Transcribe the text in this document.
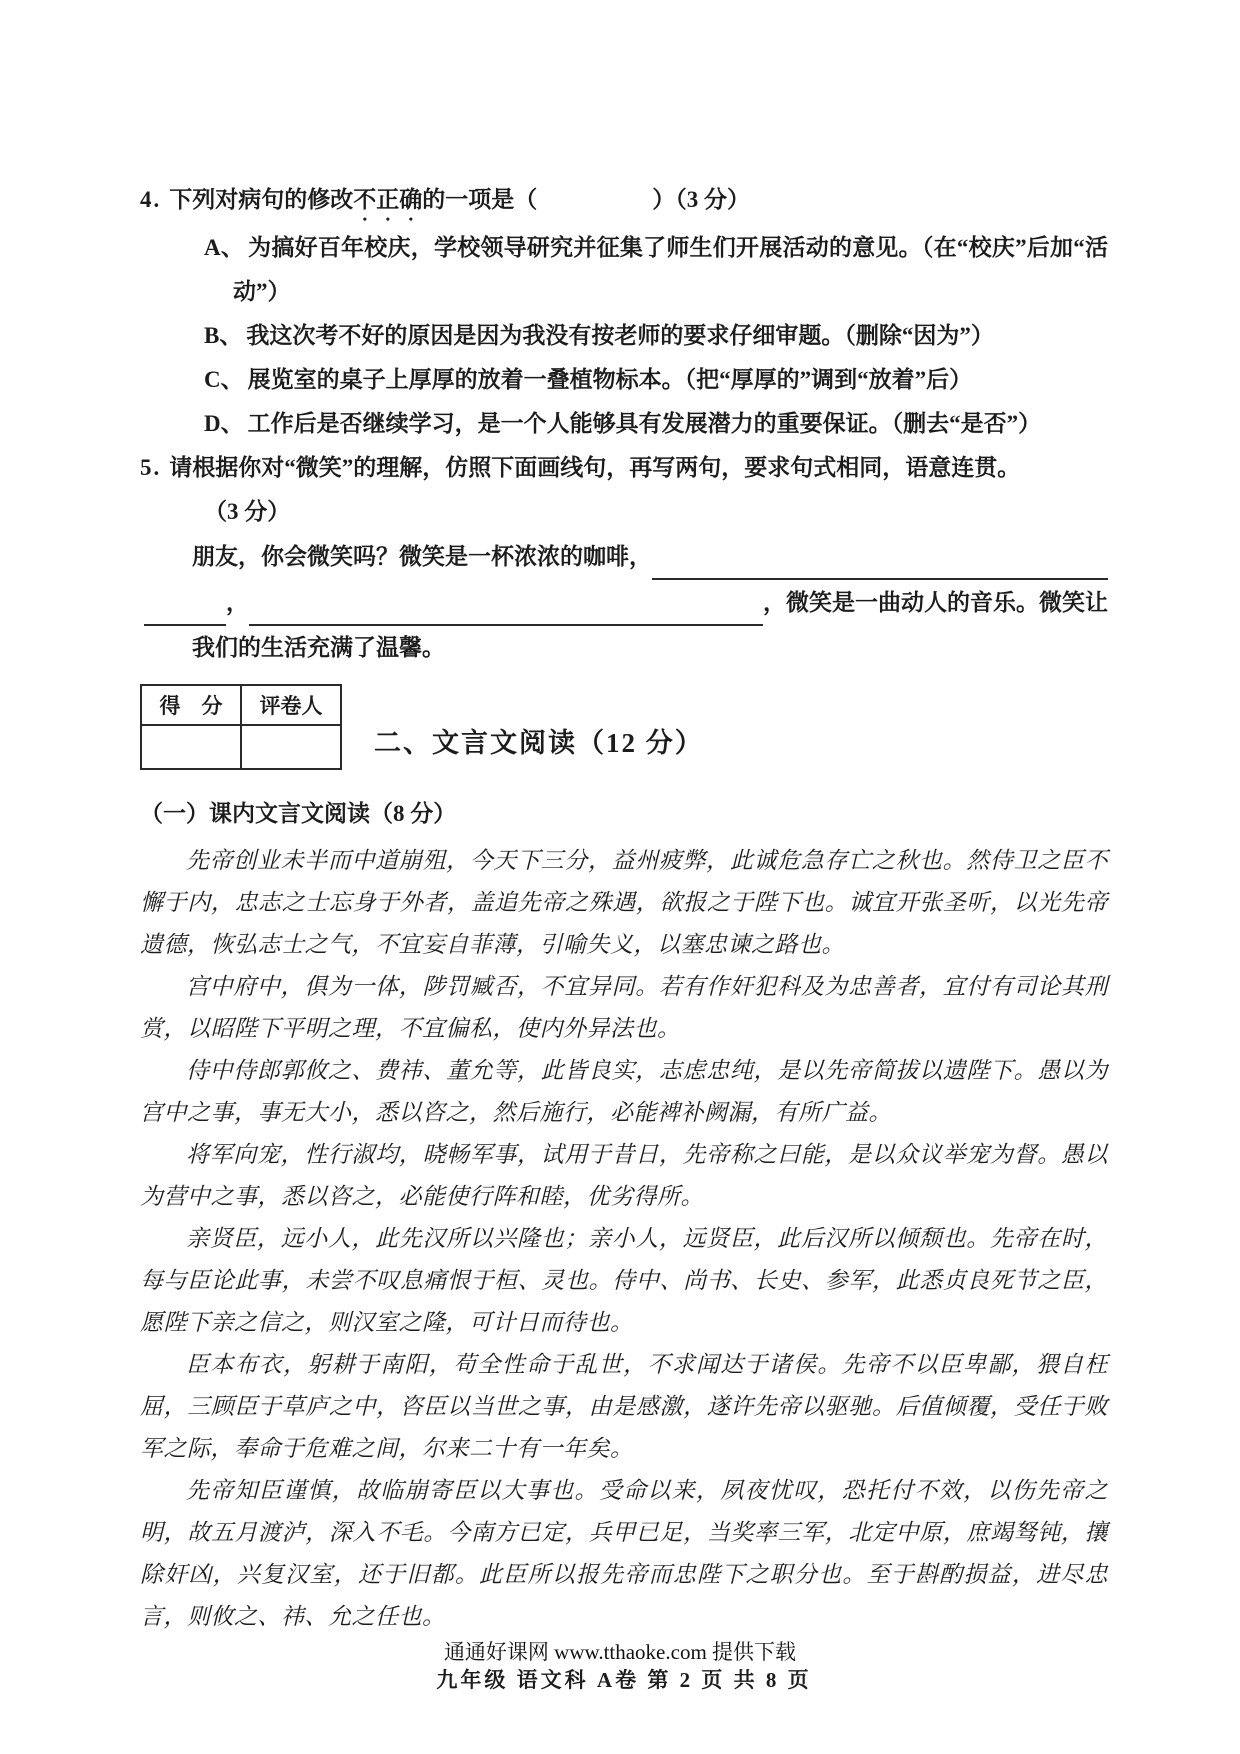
4. 下列对病句的修改不正确的一项是（　　　　　）（3 分）
A、 为搞好百年校庆，学校领导研究并征集了师生们开展活动的意见。（在“校庆”后加“活动”）
B、 我这次考不好的原因是因为我没有按老师的要求仔细审题。（删除“因为”）
C、 展览室的桌子上厚厚的放着一叠植物标本。（把“厚厚的”调到“放着”后）
D、 工作后是否继续学习，是一个人能够具有发展潜力的重要保证。（删去“是否”）
5. 请根据你对“微笑”的理解，仿照下面画线句，再写两句，要求句式相同，语意连贯。
（3 分）
朋友，你会微笑吗？微笑是一杯浓浓的咖啡，
，	，微笑是一曲动人的音乐。微笑让
我们的生活充满了温馨。
得　分	评卷人

二、文言文阅读（12 分）
（一）课内文言文阅读（8 分）

先帝创业未半而中道崩殂，今天下三分，益州疲弊，此诚危急存亡之秋也。然侍卫之臣不懈于内，忠志之士忘身于外者，盖追先帝之殊遇，欲报之于陛下也。诚宜开张圣听，以光先帝遗德，恢弘志士之气，不宜妄自菲薄，引喻失义，以塞忠谏之路也。

宫中府中，俱为一体，陟罚臧否，不宜异同。若有作奸犯科及为忠善者，宜付有司论其刑赏，以昭陛下平明之理，不宜偏私，使内外异法也。

侍中侍郎郭攸之、费祎、董允等，此皆良实，志虑忠纯，是以先帝简拔以遗陛下。愚以为宫中之事，事无大小，悉以咨之，然后施行，必能裨补阙漏，有所广益。

将军向宠，性行淑均，晓畅军事，试用于昔日，先帝称之曰能，是以众议举宠为督。愚以为营中之事，悉以咨之，必能使行阵和睦，优劣得所。

亲贤臣，远小人，此先汉所以兴隆也；亲小人，远贤臣，此后汉所以倾颓也。先帝在时，每与臣论此事，未尝不叹息痛恨于桓、灵也。侍中、尚书、长史、参军，此悉贞良死节之臣，愿陛下亲之信之，则汉室之隆，可计日而待也。

臣本布衣，躬耕于南阳，苟全性命于乱世，不求闻达于诸侯。先帝不以臣卑鄙，猥自枉屈，三顾臣于草庐之中，咨臣以当世之事，由是感激，遂许先帝以驱驰。后值倾覆，受任于败军之际，奉命于危难之间，尔来二十有一年矣。

先帝知臣谨慎，故临崩寄臣以大事也。受命以来，夙夜忧叹，恐托付不效，以伤先帝之明，故五月渡泸，深入不毛。今南方已定，兵甲已足，当奖率三军，北定中原，庶竭驽钝，攘除奸凶，兴复汉室，还于旧都。此臣所以报先帝而忠陛下之职分也。至于斟酌损益，进尽忠言，则攸之、祎、允之任也。

九年级 语文科 A卷 第 2 页 共 8 页
通通好课网 www.tthaoke.com 提供下载
